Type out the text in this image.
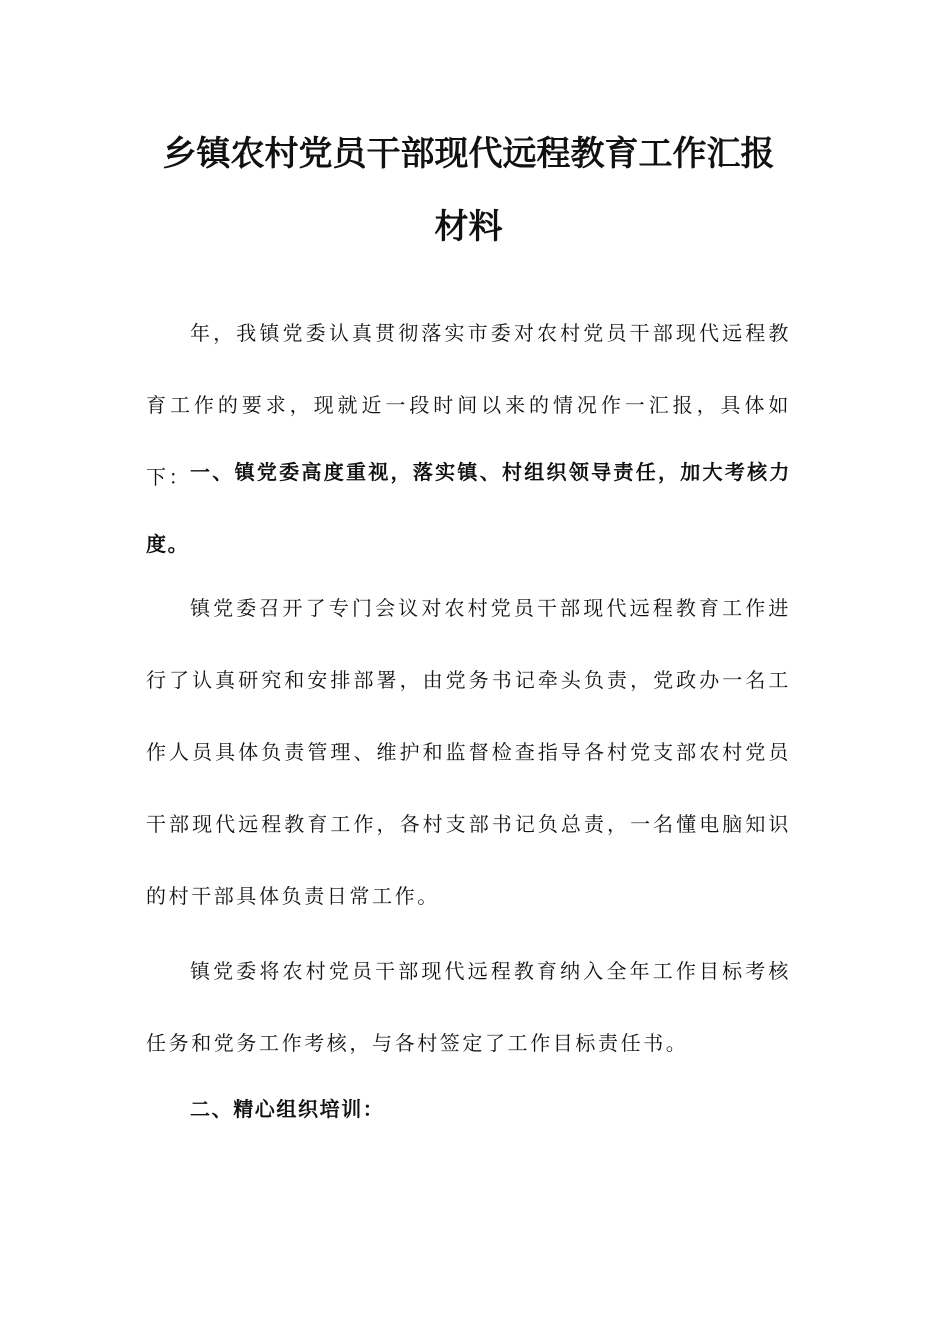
乡镇农村党员干部现代远程教育工作汇报
材料

年，我镇党委认真贯彻落实市委对农村党员干部现代远程教育工作的要求，现就近一段时间以来的情况作一汇报，具体如下：

一、镇党委高度重视，落实镇、村组织领导责任，加大考核力度。

镇党委召开了专门会议对农村党员干部现代远程教育工作进行了认真研究和安排部署，由党务书记牵头负责，党政办一名工作人员具体负责管理、维护和监督检查指导各村党支部农村党员干部现代远程教育工作，各村支部书记负总责，一名懂电脑知识的村干部具体负责日常工作。

镇党委将农村党员干部现代远程教育纳入全年工作目标考核任务和党务工作考核，与各村签定了工作目标责任书。

二、精心组织培训：
